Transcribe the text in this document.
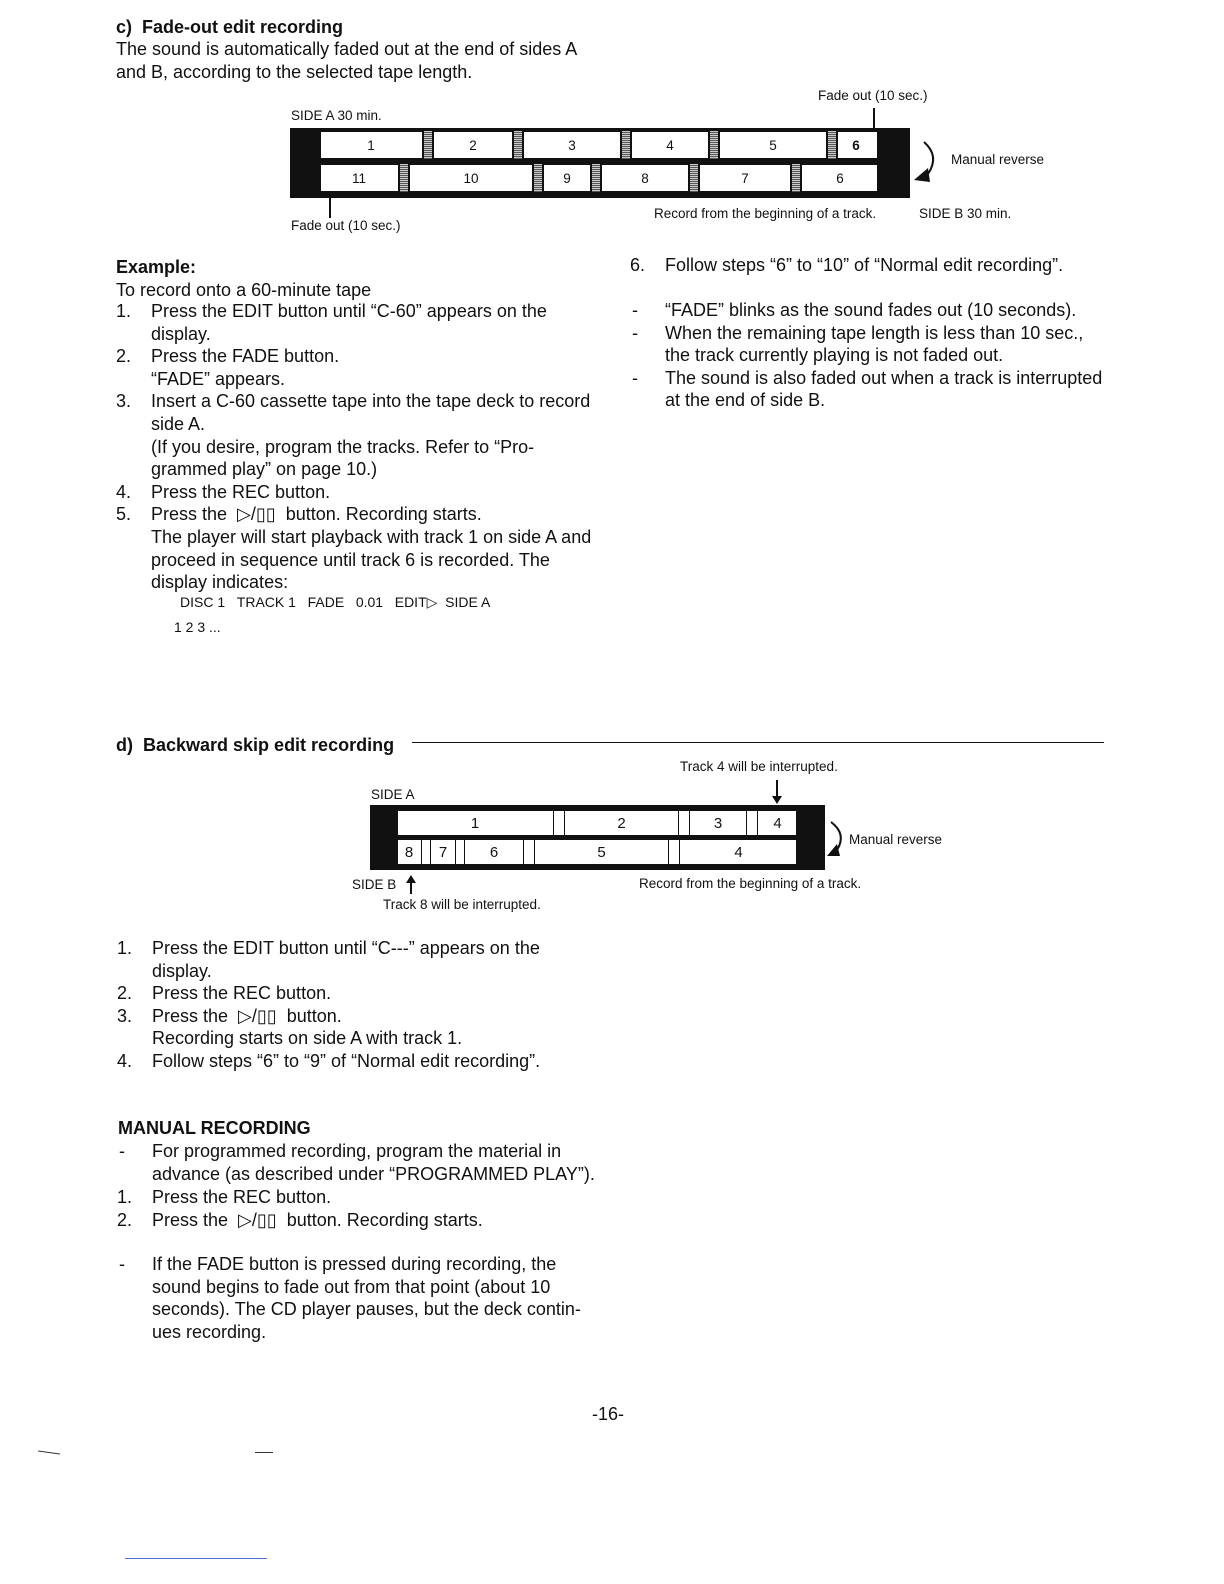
c)  Fade-out edit recording
The sound is automatically faded out at the end of sides A
and B, according to the selected tape length.
Fade out (10 sec.)
SIDE A 30 min.
1	2	3	4	5	6
11	10	9	8	7	6
Manual reverse
Fade out (10 sec.)
Record from the beginning of a track.	SIDE B 30 min.
Example:
To record onto a 60-minute tape
1. Press the EDIT button until “C-60” appears on the
display.
2. Press the FADE button.
“FADE” appears.
3. Insert a C-60 cassette tape into the tape deck to record
side A.
(If you desire, program the tracks. Refer to “Pro-
grammed play” on page 10.)
4. Press the REC button.
5. Press the  ▷/▯▯  button. Recording starts.
The player will start playback with track 1 on side A and
proceed in sequence until track 6 is recorded. The
display indicates:
DISC 1   TRACK 1   FADE   0.01   EDIT▷  SIDE A
1 2 3 ...
6. Follow steps “6” to “10” of “Normal edit recording”.
- “FADE” blinks as the sound fades out (10 seconds).
- When the remaining tape length is less than 10 sec.,
the track currently playing is not faded out.
- The sound is also faded out when a track is interrupted
at the end of side B.
d)  Backward skip edit recording
Track 4 will be interrupted.
SIDE A
1	2	3	4
8	7	6	5	4
Manual reverse
SIDE B	Record from the beginning of a track.
Track 8 will be interrupted.
1. Press the EDIT button until “C---” appears on the
display.
2. Press the REC button.
3. Press the  ▷/▯▯  button.
Recording starts on side A with track 1.
4. Follow steps “6” to “9” of “Normal edit recording”.
MANUAL RECORDING
- For programmed recording, program the material in
advance (as described under “PROGRAMMED PLAY”).
1. Press the REC button.
2. Press the  ▷/▯▯  button. Recording starts.
- If the FADE button is pressed during recording, the
sound begins to fade out from that point (about 10
seconds). The CD player pauses, but the deck contin-
ues recording.
-16-
